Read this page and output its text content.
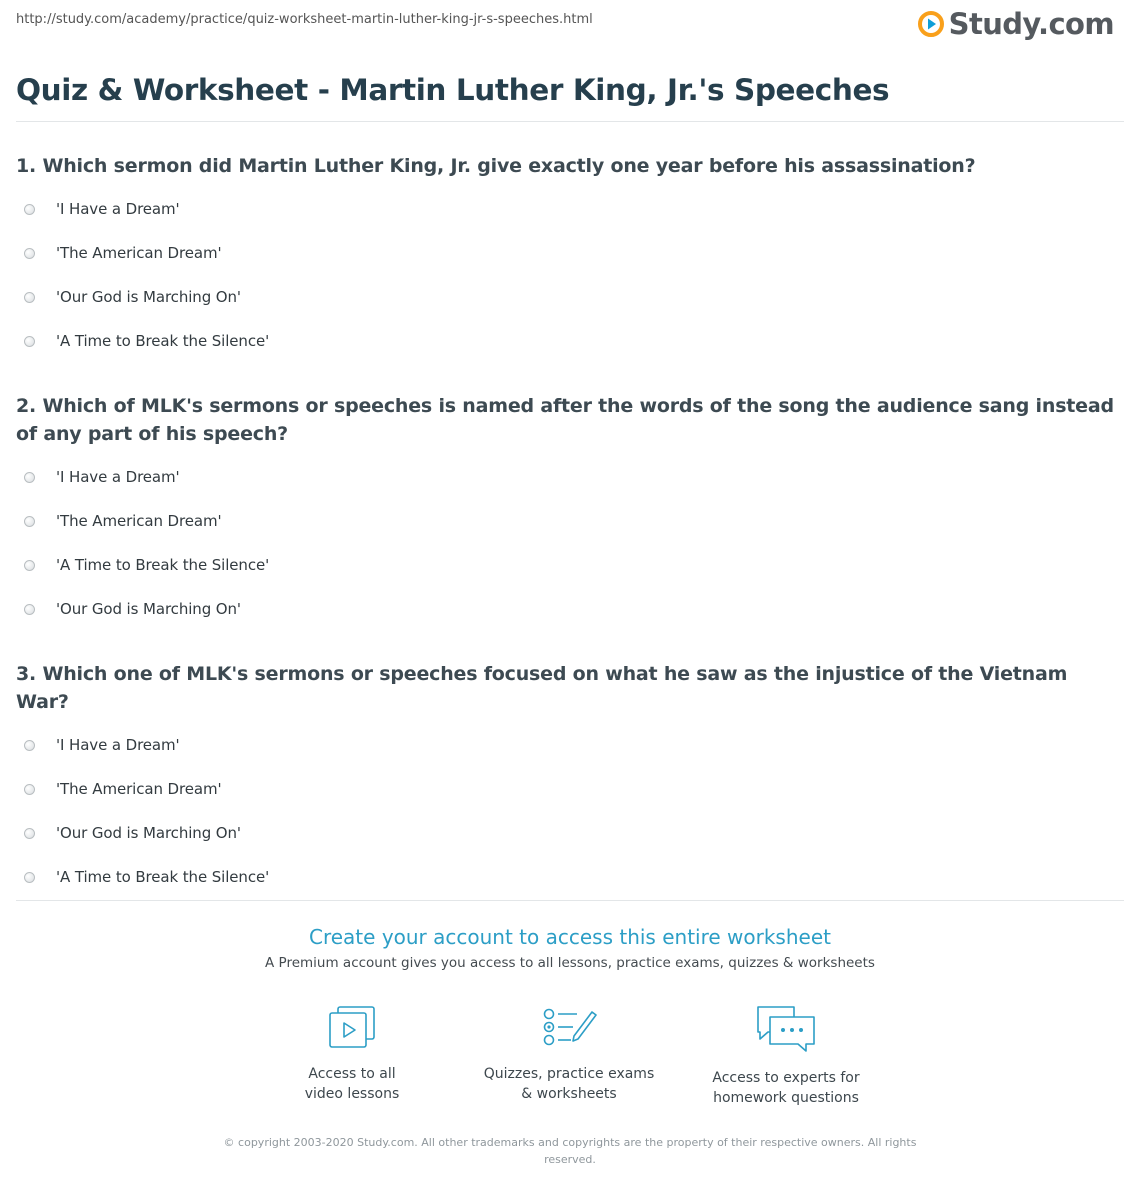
http://study.com/academy/practice/quiz-worksheet-martin-luther-king-jr-s-speeches.html	Study.com
Quiz & Worksheet - Martin Luther King, Jr.'s Speeches

1. Which sermon did Martin Luther King, Jr. give exactly one year before his assassination?

'I Have a Dream'
'The American Dream'
'Our God is Marching On'
'A Time to Break the Silence'

2. Which of MLK's sermons or speeches is named after the words of the song the audience sang instead of any part of his speech?

'I Have a Dream'
'The American Dream'
'A Time to Break the Silence'
'Our God is Marching On'

3. Which one of MLK's sermons or speeches focused on what he saw as the injustice of the Vietnam War?

'I Have a Dream'
'The American Dream'
'Our God is Marching On'
'A Time to Break the Silence'
Create your account to access this entire worksheet
A Premium account gives you access to all lessons, practice exams, quizzes & worksheets
Access to all
video lessons
Quizzes, practice exams
& worksheets
Access to experts for
homework questions
© copyright 2003-2020 Study.com. All other trademarks and copyrights are the property of their respective owners. All rights
reserved.
